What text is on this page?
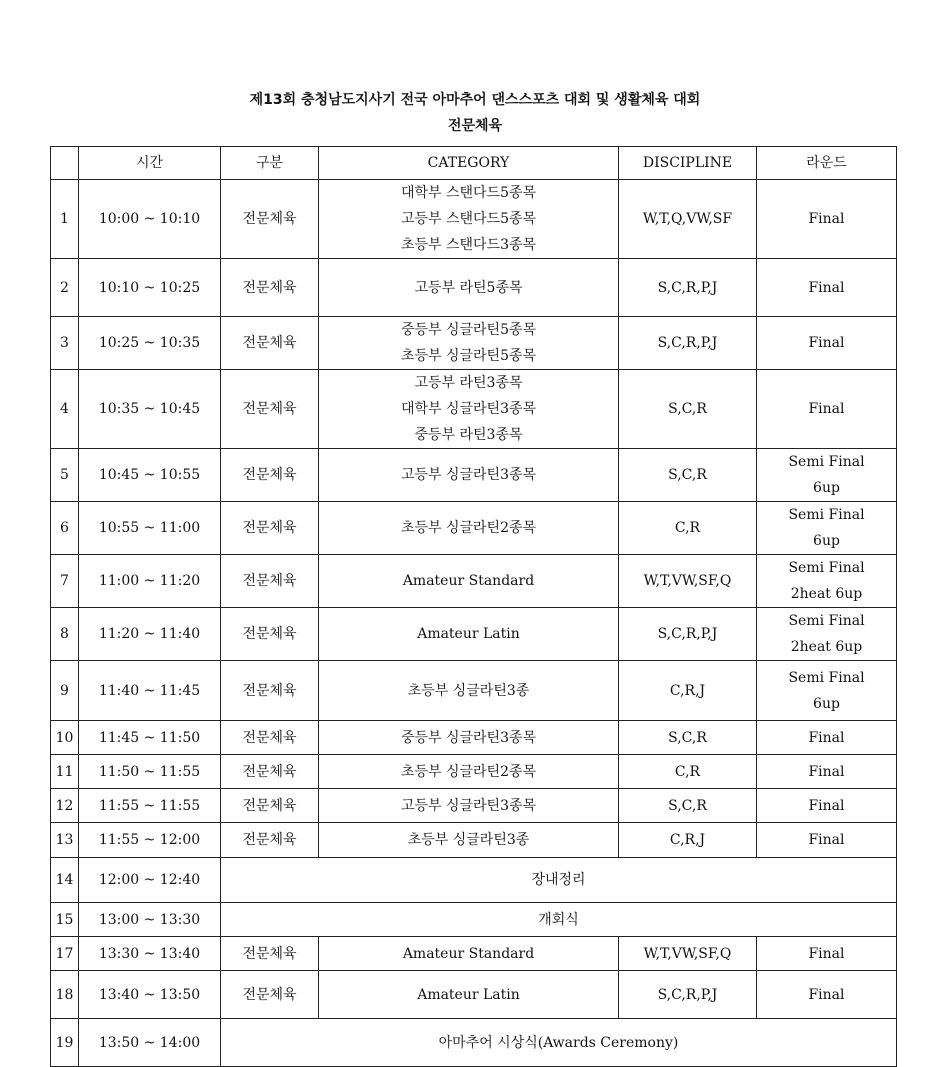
제13회 충청남도지사기 전국 아마추어 댄스스포츠 대회 및 생활체육 대회
전문체육
	시간	구분	CATEGORY	DISCIPLINE	라운드
1	10:00 ~ 10:10	전문체육	대학부 스탠다드5종목
고등부 스탠다드5종목
초등부 스탠다드3종목	W,T,Q,VW,SF	Final

2	10:10 ~ 10:25	전문체육	고등부 라틴5종목	S,C,R,P,J	Final

3	10:25 ~ 10:35	전문체육	중등부 싱글라틴5종목
초등부 싱글라틴5종목	S,C,R,P,J	Final

4	10:35 ~ 10:45	전문체육	고등부 라틴3종목
대학부 싱글라틴3종목
중등부 라틴3종목	S,C,R	Final

5	10:45 ~ 10:55	전문체육	고등부 싱글라틴3종목	S,C,R	Semi Final
6up

6	10:55 ~ 11:00	전문체육	초등부 싱글라틴2종목	C,R	Semi Final
6up

7	11:00 ~ 11:20	전문체육	Amateur Standard	W,T,VW,SF,Q	Semi Final
2heat 6up

8	11:20 ~ 11:40	전문체육	Amateur Latin	S,C,R,P,J	Semi Final
2heat 6up

9	11:40 ~ 11:45	전문체육	초등부 싱글라틴3종	C,R,J	Semi Final
6up

10	11:45 ~ 11:50	전문체육	중등부 싱글라틴3종목	S,C,R	Final

11	11:50 ~ 11:55	전문체육	초등부 싱글라틴2종목	C,R	Final

12	11:55 ~ 11:55	전문체육	고등부 싱글라틴3종목	S,C,R	Final

13	11:55 ~ 12:00	전문체육	초등부 싱글라틴3종	C,R,J	Final

14	12:00 ~ 12:40	장내정리			
15	13:00 ~ 13:30	개회식			
17	13:30 ~ 13:40	전문체육	Amateur Standard	W,T,VW,SF,Q	Final

18	13:40 ~ 13:50	전문체육	Amateur Latin	S,C,R,P,J	Final

19	13:50 ~ 14:00	아마추어 시상식(Awards Ceremony)			
